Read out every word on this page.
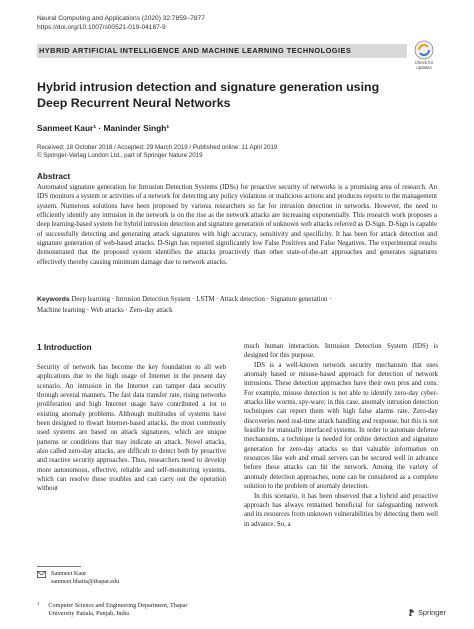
Neural Computing and Applications (2020) 32:7859–7877
https://doi.org/10.1007/s00521-019-04187-9
HYBRID ARTIFICIAL INTELLIGENCE AND MACHINE LEARNING TECHNOLOGIES
Check for
updates
Hybrid intrusion detection and signature generation using Deep Recurrent Neural Networks
Sanmeet Kaur¹ · Maninder Singh¹
Received: 18 October 2018 / Accepted: 29 March 2019 / Published online: 11 April 2019
© Springer-Verlag London Ltd., part of Springer Nature 2019
Abstract
Automated signature generation for Intrusion Detection Systems (IDSs) for proactive security of networks is a promising area of research. An IDS monitors a system or activities of a network for detecting any policy violations or malicious actions and produces reports to the management system. Numerous solutions have been proposed by various researchers so far for intrusion detection in networks. However, the need to efficiently identify any intrusion in the network is on the rise as the network attacks are increasing exponentially. This research work proposes a deep learning-based system for hybrid intrusion detection and signature generation of unknown web attacks referred as D-Sign. D-Sign is capable of successfully detecting and generating attack signatures with high accuracy, sensitivity and specificity. It has been for attack detection and signature generation of web-based attacks. D-Sign has reported significantly low False Positives and False Negatives. The experimental results demonstrated that the proposed system identifies the attacks proactively than other state-of-the-art approaches and generates signatures effectively thereby causing minimum damage due to network attacks.
Keywords Deep learning · Intrusion Detection System · LSTM · Attack detection · Signature generation ·
Machine learning · Web attacks · Zero-day attack
1 Introduction

Security of network has become the key foundation to all web applications due to the high usage of Internet in the present day scenario. An intrusion in the Internet can tamper data security through several manners. The fast data transfer rate, rising networks proliferation and high Internet usage have contributed a lot to existing anomaly problems. Although multitudes of systems have been designed to thwart Internet-based attacks, the most commonly used systems are based on attack signatures, which are unique patterns or conditions that may indicate an attack. Novel attacks, also called zero-day attacks, are difficult to detect both by proactive and reactive security approaches. Thus, researchers need to develop more autonomous, effective, reliable and self-monitoring systems, which can resolve these troubles and can carry out the operation without

much human interaction. Intrusion Detection System (IDS) is designed for this purpose.

IDS is a well-known network security mechanism that uses anomaly based or misuse-based approach for detection of network intrusions. These detection approaches have their own pros and cons. For example, misuse detection is not able to identify zero-day cyber-attacks like worms, spy-ware; in this case, anomaly intrusion detection techniques can report them with high false alarms rate. Zero-day discoveries need real-time attack handling and response, but this is not feasible for manually interfaced systems. In order to automate defense mechanisms, a technique is needed for online detection and signature generation for zero-day attacks so that valuable information on resources like web and email servers can be secured well in advance before these attacks can hit the network. Among the variety of anomaly detection approaches, none can be considered as a complete solution to the problem of anomaly detection.

In this scenario, it has been observed that a hybrid and proactive approach has always remained beneficial for safeguarding network and its resources from unknown vulnerabilities by detecting them well in advance. So, a

Sanmeet Kaur
sanmeet.bhatia@thapar.edu
1 Computer Science and Engineering Department, Thapar
University Patiala, Punjab, India	Springer
